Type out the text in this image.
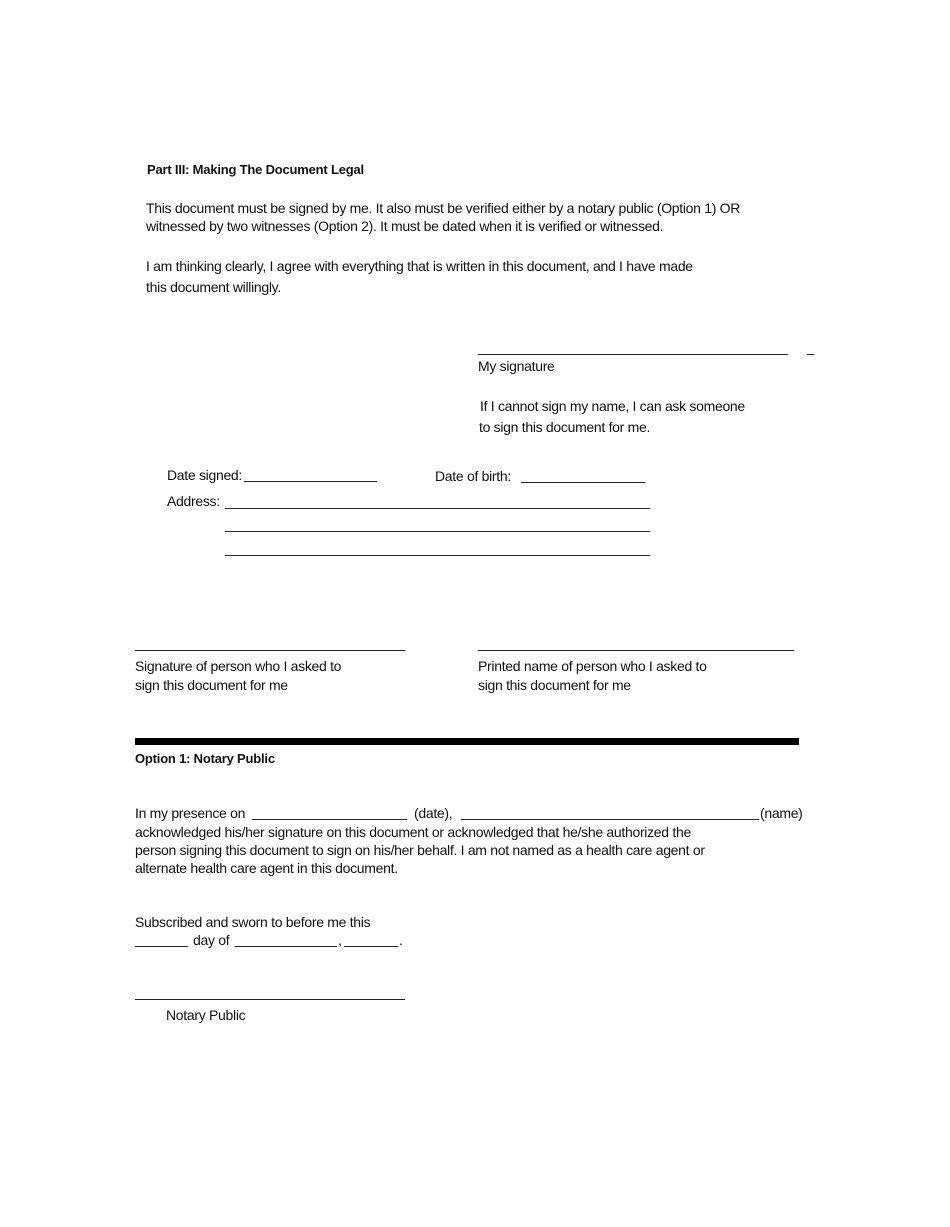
Part III: Making The Document Legal
This document must be signed by me. It also must be verified either by a notary public (Option 1) OR
witnessed by two witnesses (Option 2). It must be dated when it is verified or witnessed.
I am thinking clearly, I agree with everything that is written in this document, and I have made
this document willingly.
My signature
If I cannot sign my name, I can ask someone
to sign this document for me.
Date signed:	Date of birth:
Address:
Signature of person who I asked to
sign this document for me
Printed name of person who I asked to
sign this document for me
Option 1: Notary Public
In my presence on	(date),	(name)
acknowledged his/her signature on this document or acknowledged that he/she authorized the
person signing this document to sign on his/her behalf. I am not named as a health care agent or
alternate health care agent in this document.
Subscribed and sworn to before me this
day of	,	.
Notary Public
